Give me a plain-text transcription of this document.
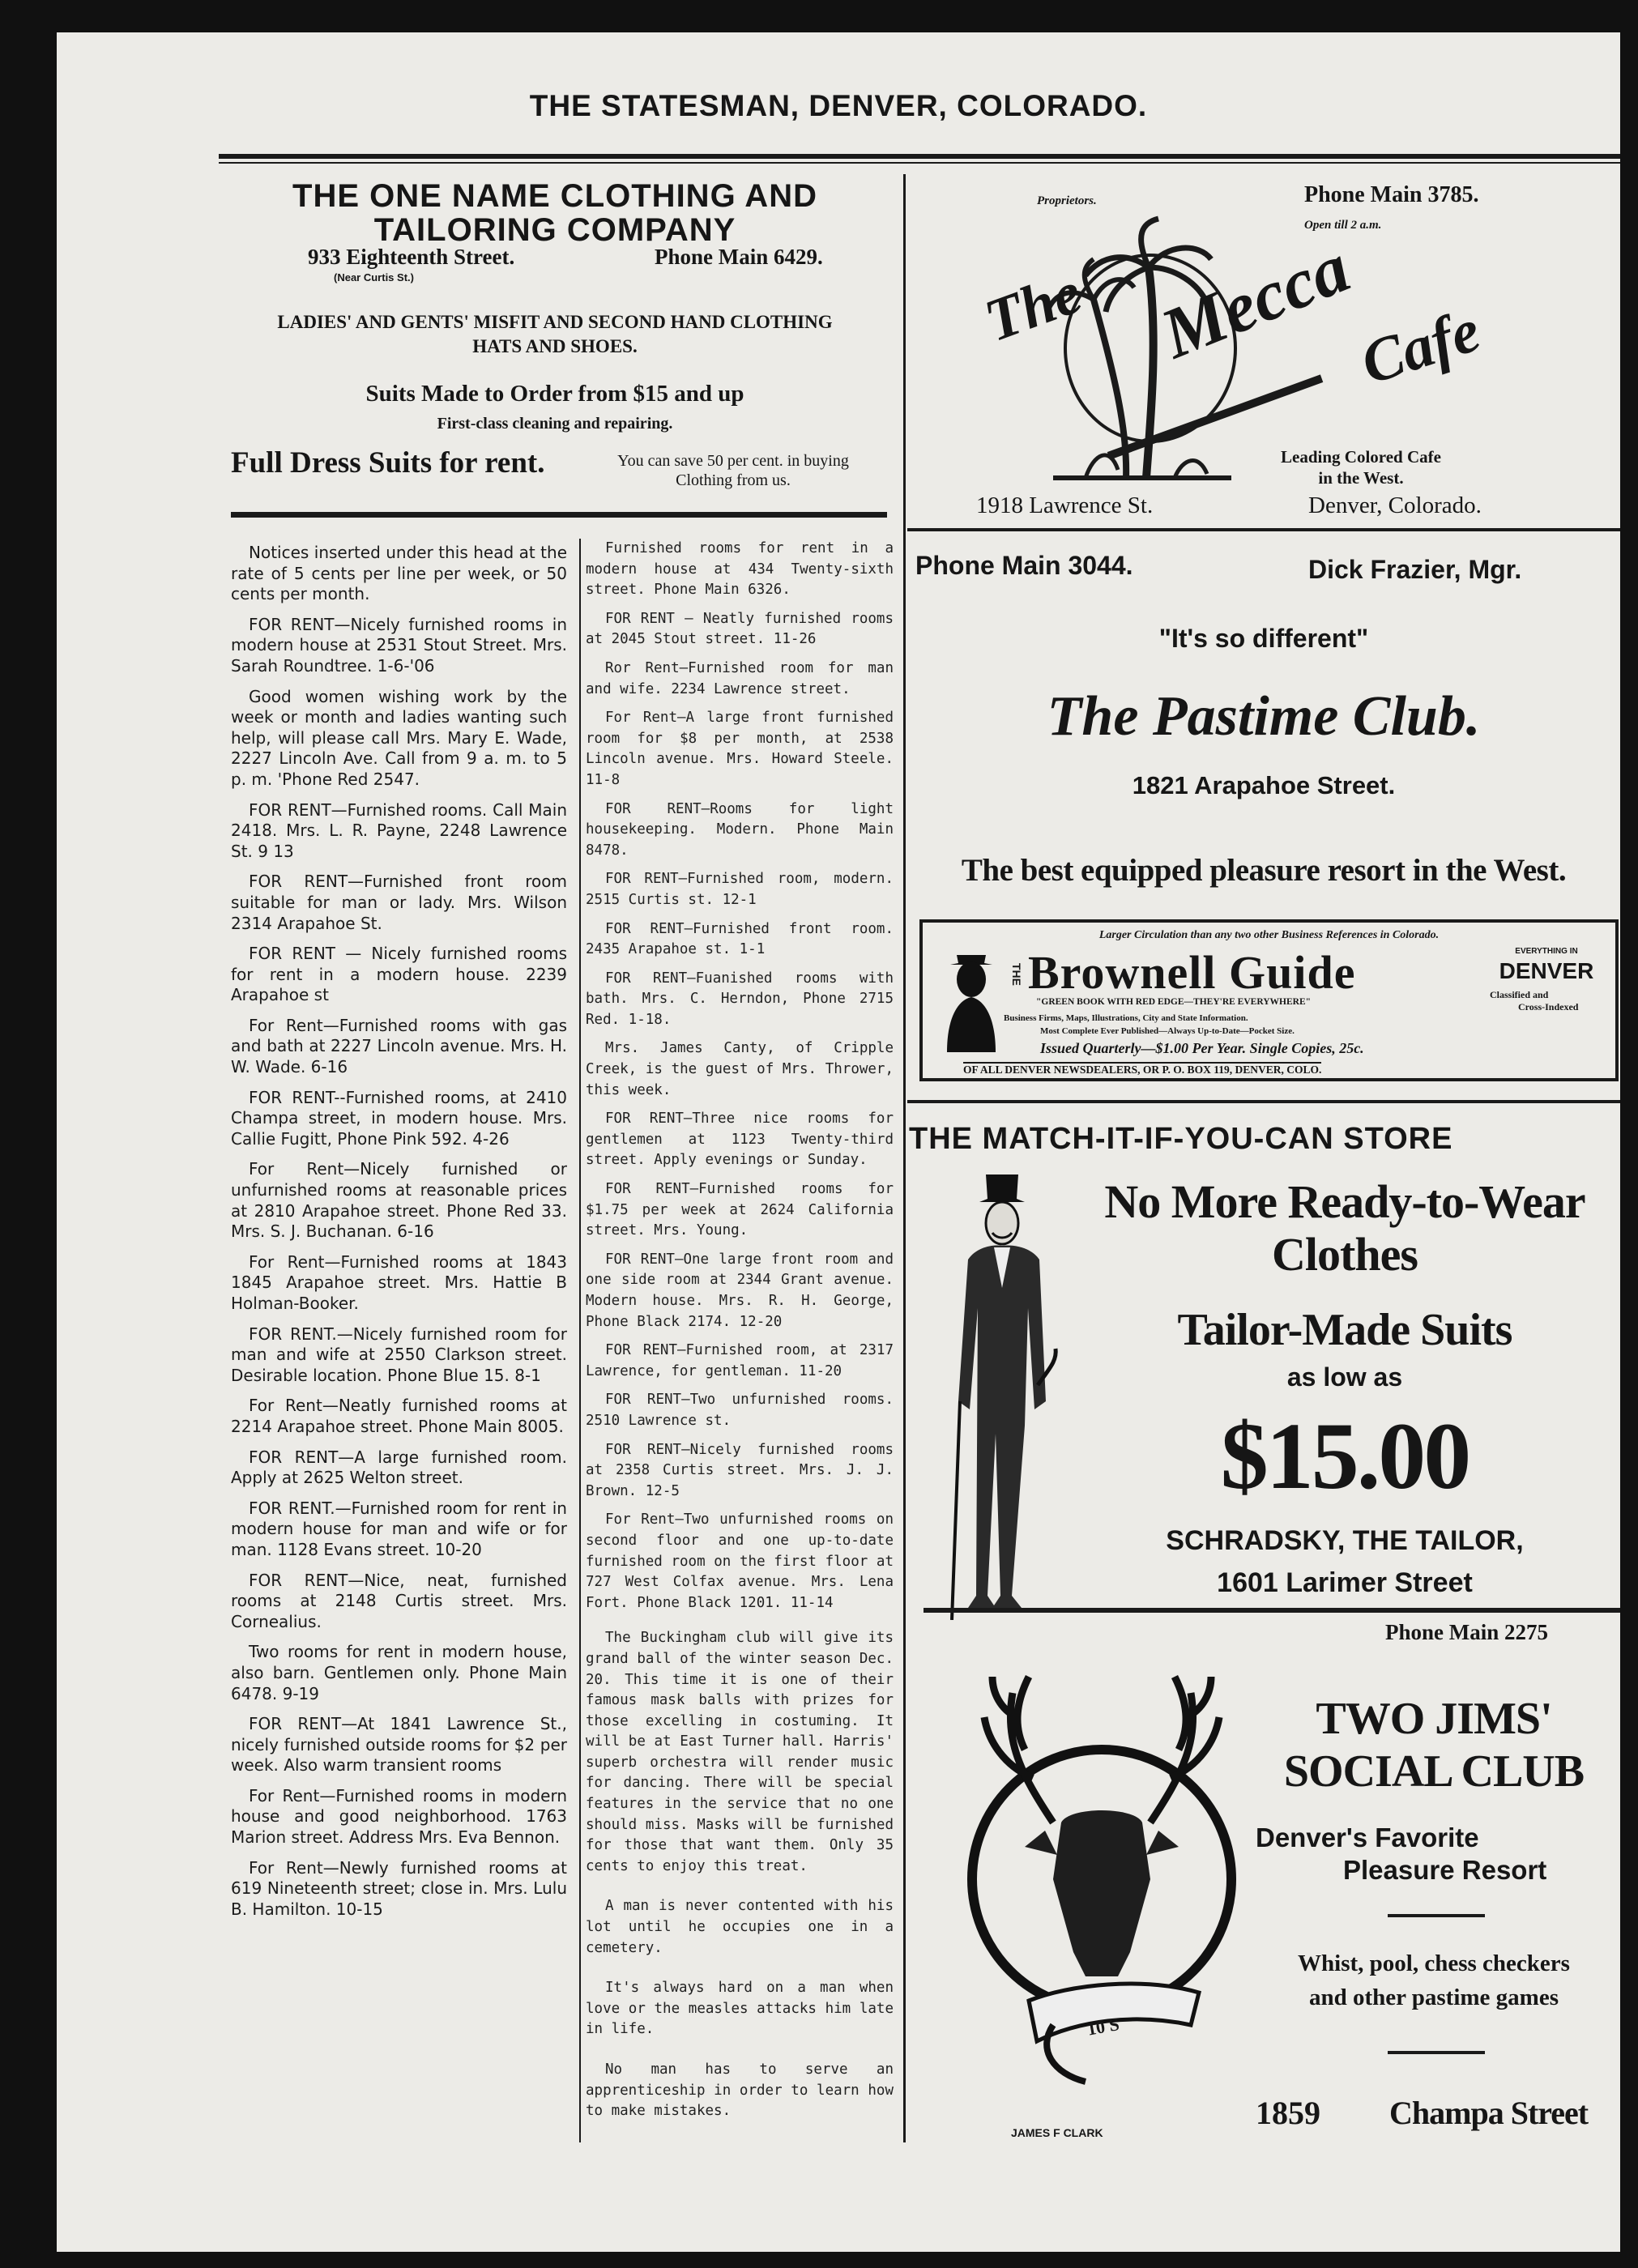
THE STATESMAN, DENVER, COLORADO.
THE ONE NAME CLOTHING AND
TAILORING COMPANY
933 Eighteenth Street.
(Near Curtis St.)
Phone Main 6429.
LADIES' AND GENTS' MISFIT AND SECOND HAND CLOTHING
HATS AND SHOES.
Suits Made to Order from $15 and up
First-class cleaning and repairing.
Full Dress Suits for rent.	You can save 50 per cent. in buying
Clothing from us.
Proprietors.	Phone Main 3785.
Open till 2 a.m.
The Mecca
Cafe
Leading Colored Cafe
in the West.
1918 Lawrence St.	Denver, Colorado.
Phone Main 3044.	Dick Frazier, Mgr.
"It's so different"
The Pastime Club.
1821 Arapahoe Street.
The best equipped pleasure resort in the West.
Larger Circulation than any two other Business References in Colorado.
THE Brownell Guide	EVERYTHING IN
DENVER
Classified and
Cross-Indexed
"GREEN BOOK WITH RED EDGE—THEY'RE EVERYWHERE"
Business Firms, Maps, Illustrations, City and State Information.
Most Complete Ever Published—Always Up-to-Date—Pocket Size.
Issued Quarterly—$1.00 Per Year. Single Copies, 25c.
OF ALL DENVER NEWSDEALERS, OR P. O. BOX 119, DENVER, COLO.
THE MATCH-IT-IF-YOU-CAN STORE
No More Ready-to-Wear
Clothes
Tailor-Made Suits
as low as
$15.00
SCHRADSKY, THE TAILOR,
1601 Larimer Street
Phone Main 2275
10 S
TWO JIMS'
SOCIAL CLUB
Denver's Favorite
Pleasure Resort
Whist, pool, chess checkers
and other pastime games
1859 Champa Street
JAMES F CLARK

Notices inserted under this head at the rate of 5 cents per line per week, or 50 cents per month.

FOR RENT—Nicely furnished rooms in modern house at 2531 Stout Street. Mrs. Sarah Roundtree. 1-6-'06

Good women wishing work by the week or month and ladies wanting such help, will please call Mrs. Mary E. Wade, 2227 Lincoln Ave. Call from 9 a. m. to 5 p. m. 'Phone Red 2547.

FOR RENT—Furnished rooms. Call Main 2418. Mrs. L. R. Payne, 2248 Lawrence St. 9 13

FOR RENT—Furnished front room suitable for man or lady. Mrs. Wilson 2314 Arapahoe St.

FOR RENT — Nicely furnished rooms for rent in a modern house. 2239 Arapahoe st

For Rent—Furnished rooms with gas and bath at 2227 Lincoln avenue. Mrs. H. W. Wade. 6-16

FOR RENT--Furnished rooms, at 2410 Champa street, in modern house. Mrs. Callie Fugitt, Phone Pink 592. 4-26

For Rent—Nicely furnished or unfurnished rooms at reasonable prices at 2810 Arapahoe street. Phone Red 33. Mrs. S. J. Buchanan. 6-16

For Rent—Furnished rooms at 1843 1845 Arapahoe street. Mrs. Hattie B Holman-Booker.

FOR RENT.—Nicely furnished room for man and wife at 2550 Clarkson street. Desirable location. Phone Blue 15. 8-1

For Rent—Neatly furnished rooms at 2214 Arapahoe street. Phone Main 8005.

FOR RENT—A large furnished room. Apply at 2625 Welton street.

FOR RENT.—Furnished room for rent in modern house for man and wife or for man. 1128 Evans street. 10-20

FOR RENT—Nice, neat, furnished rooms at 2148 Curtis street. Mrs. Cornealius.

Two rooms for rent in modern house, also barn. Gentlemen only. Phone Main 6478. 9-19

FOR RENT—At 1841 Lawrence St., nicely furnished outside rooms for $2 per week. Also warm transient rooms

For Rent—Furnished rooms in modern house and good neighborhood. 1763 Marion street. Address Mrs. Eva Bennon.

For Rent—Newly furnished rooms at 619 Nineteenth street; close in. Mrs. Lulu B. Hamilton. 10-15

Furnished rooms for rent in a modern house at 434 Twenty-sixth street. Phone Main 6326.

FOR RENT — Neatly furnished rooms at 2045 Stout street. 11-26

Ror Rent—Furnished room for man and wife. 2234 Lawrence street.

For Rent—A large front furnished room for $8 per month, at 2538 Lincoln avenue. Mrs. Howard Steele. 11-8

FOR RENT—Rooms for light housekeeping. Modern. Phone Main 8478.

FOR RENT—Furnished room, modern. 2515 Curtis st. 12-1

FOR RENT—Furnished front room. 2435 Arapahoe st. 1-1

FOR RENT—Fuanished rooms with bath. Mrs. C. Herndon, Phone 2715 Red. 1-18.

Mrs. James Canty, of Cripple Creek, is the guest of Mrs. Thrower, this week.

FOR RENT—Three nice rooms for gentlemen at 1123 Twenty-third street. Apply evenings or Sunday.

FOR RENT—Furnished rooms for $1.75 per week at 2624 California street. Mrs. Young.

FOR RENT—One large front room and one side room at 2344 Grant avenue. Modern house. Mrs. R. H. George, Phone Black 2174. 12-20

FOR RENT—Furnished room, at 2317 Lawrence, for gentleman. 11-20

FOR RENT—Two unfurnished rooms. 2510 Lawrence st.

FOR RENT—Nicely furnished rooms at 2358 Curtis street. Mrs. J. J. Brown. 12-5

For Rent—Two unfurnished rooms on second floor and one up-to-date furnished room on the first floor at 727 West Colfax avenue. Mrs. Lena Fort. Phone Black 1201. 11-14

The Buckingham club will give its grand ball of the winter season Dec. 20. This time it is one of their famous mask balls with prizes for those excelling in costuming. It will be at East Turner hall. Harris' superb orchestra will render music for dancing. There will be special features in the service that no one should miss. Masks will be furnished for those that want them. Only 35 cents to enjoy this treat.

A man is never contented with his lot until he occupies one in a cemetery.

It's always hard on a man when love or the measles attacks him late in life.

No man has to serve an apprenticeship in order to learn how to make mistakes.
